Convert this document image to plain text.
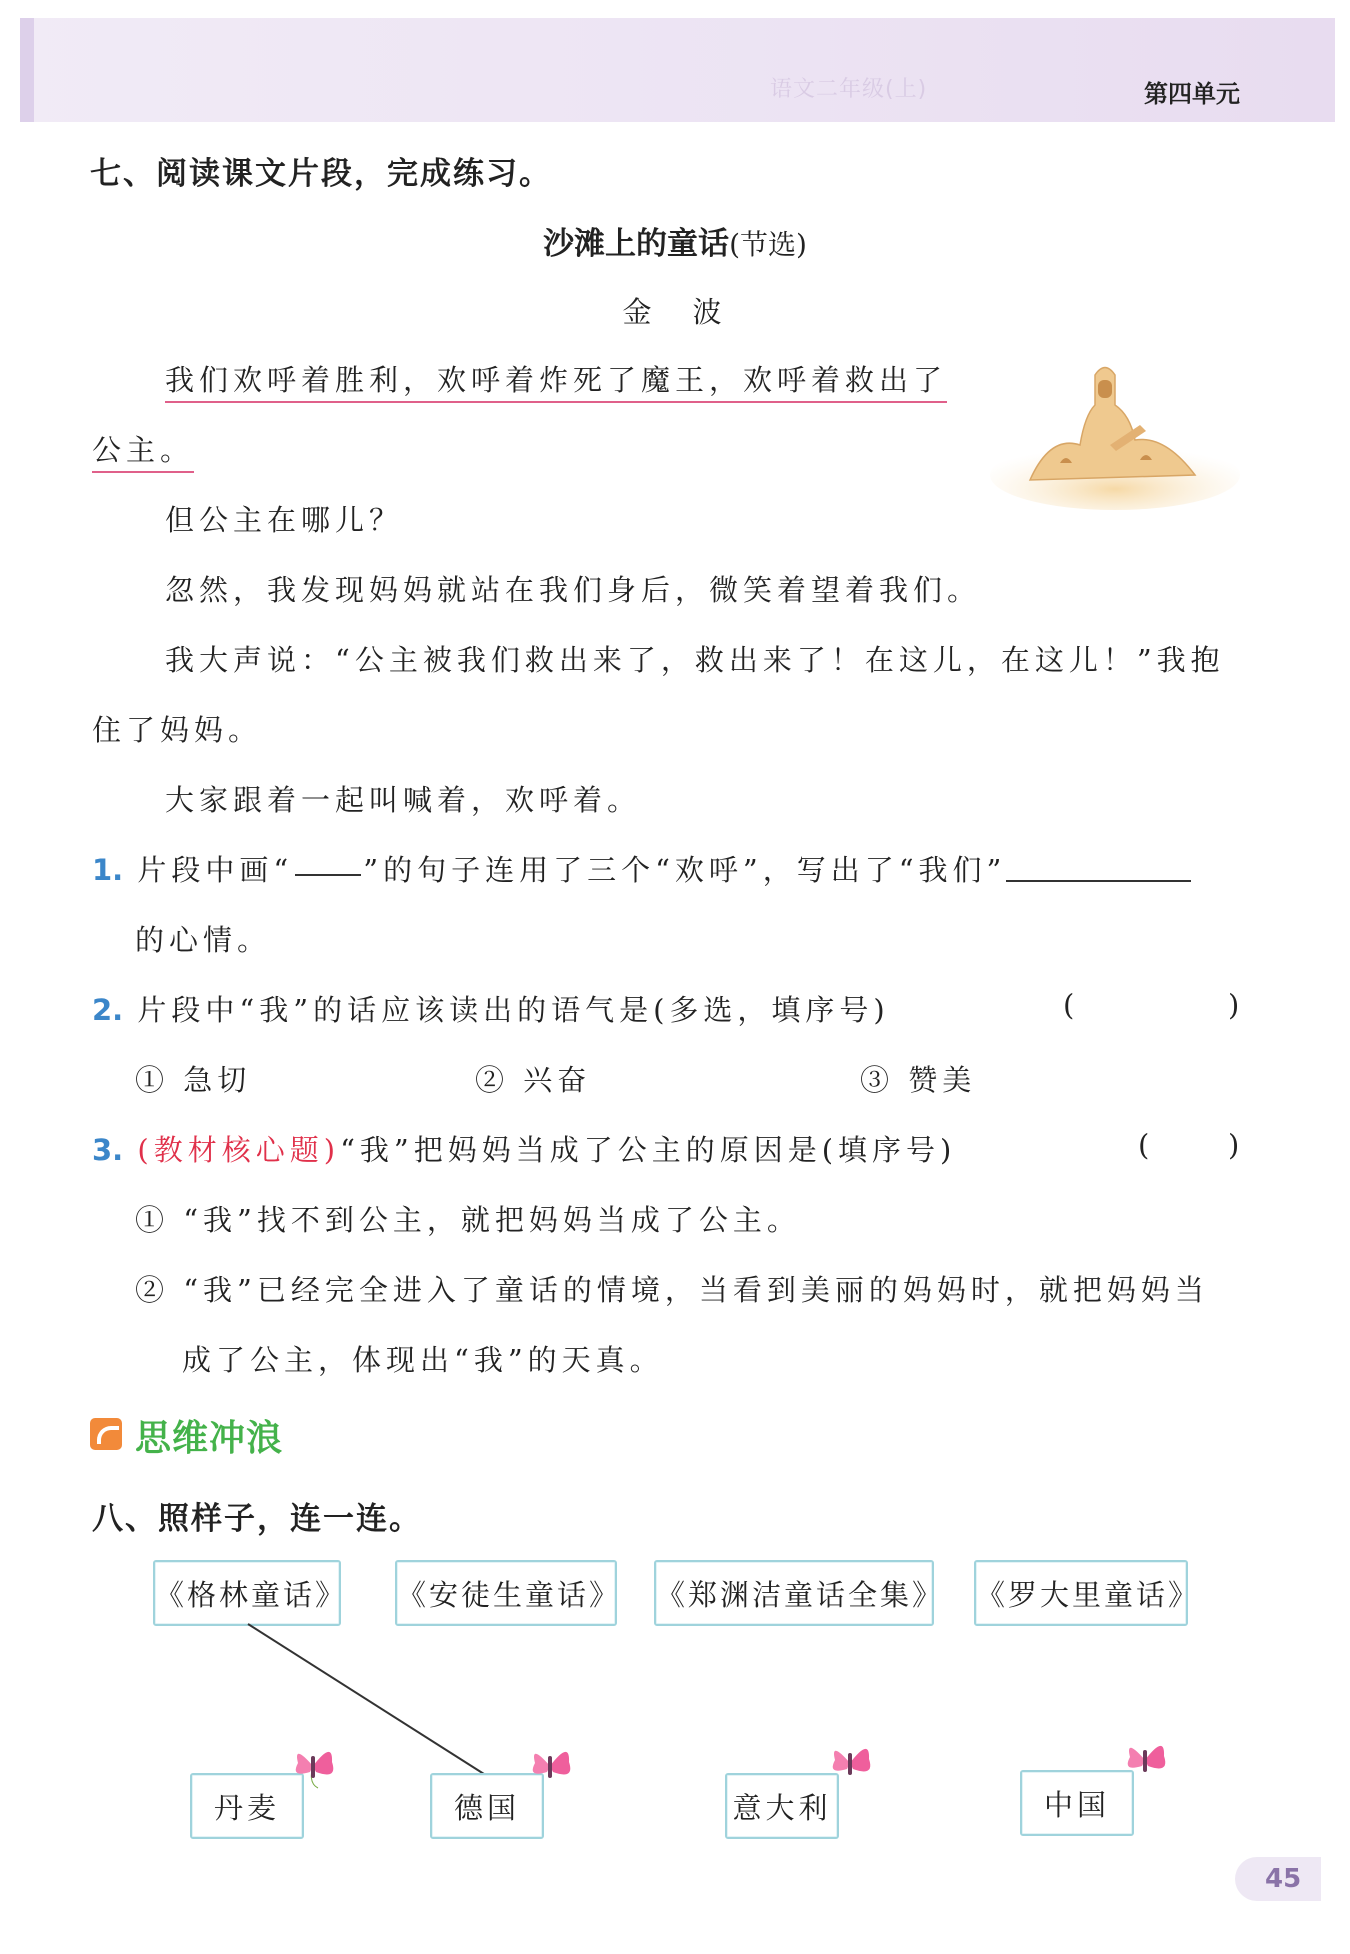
语文二年级(上)	第四单元
七、阅读课文片段，完成练习。
沙滩上的童话(节选)
金　波
我们欢呼着胜利，欢呼着炸死了魔王，欢呼着救出了
公主。
但公主在哪儿？
忽然，我发现妈妈就站在我们身后，微笑着望着我们。
我大声说：“公主被我们救出来了，救出来了！在这儿，在这儿！”我抱
住了妈妈。
大家跟着一起叫喊着，欢呼着。
1. 片段中画“ ”的句子连用了三个“欢呼”，写出了“我们”
的心情。
2. 片段中“我”的话应该读出的语气是(多选，填序号)	(	)
① 急切	② 兴奋	③ 赞美
3. (教材核心题)“我”把妈妈当成了公主的原因是(填序号)	(	)
① “我”找不到公主，就把妈妈当成了公主。
② “我”已经完全进入了童话的情境，当看到美丽的妈妈时，就把妈妈当
成了公主，体现出“我”的天真。
思维冲浪
八、照样子，连一连。
《格林童话》 《安徒生童话》 《郑渊洁童话全集》 《罗大里童话》
丹麦	德国	意大利	中国
45
